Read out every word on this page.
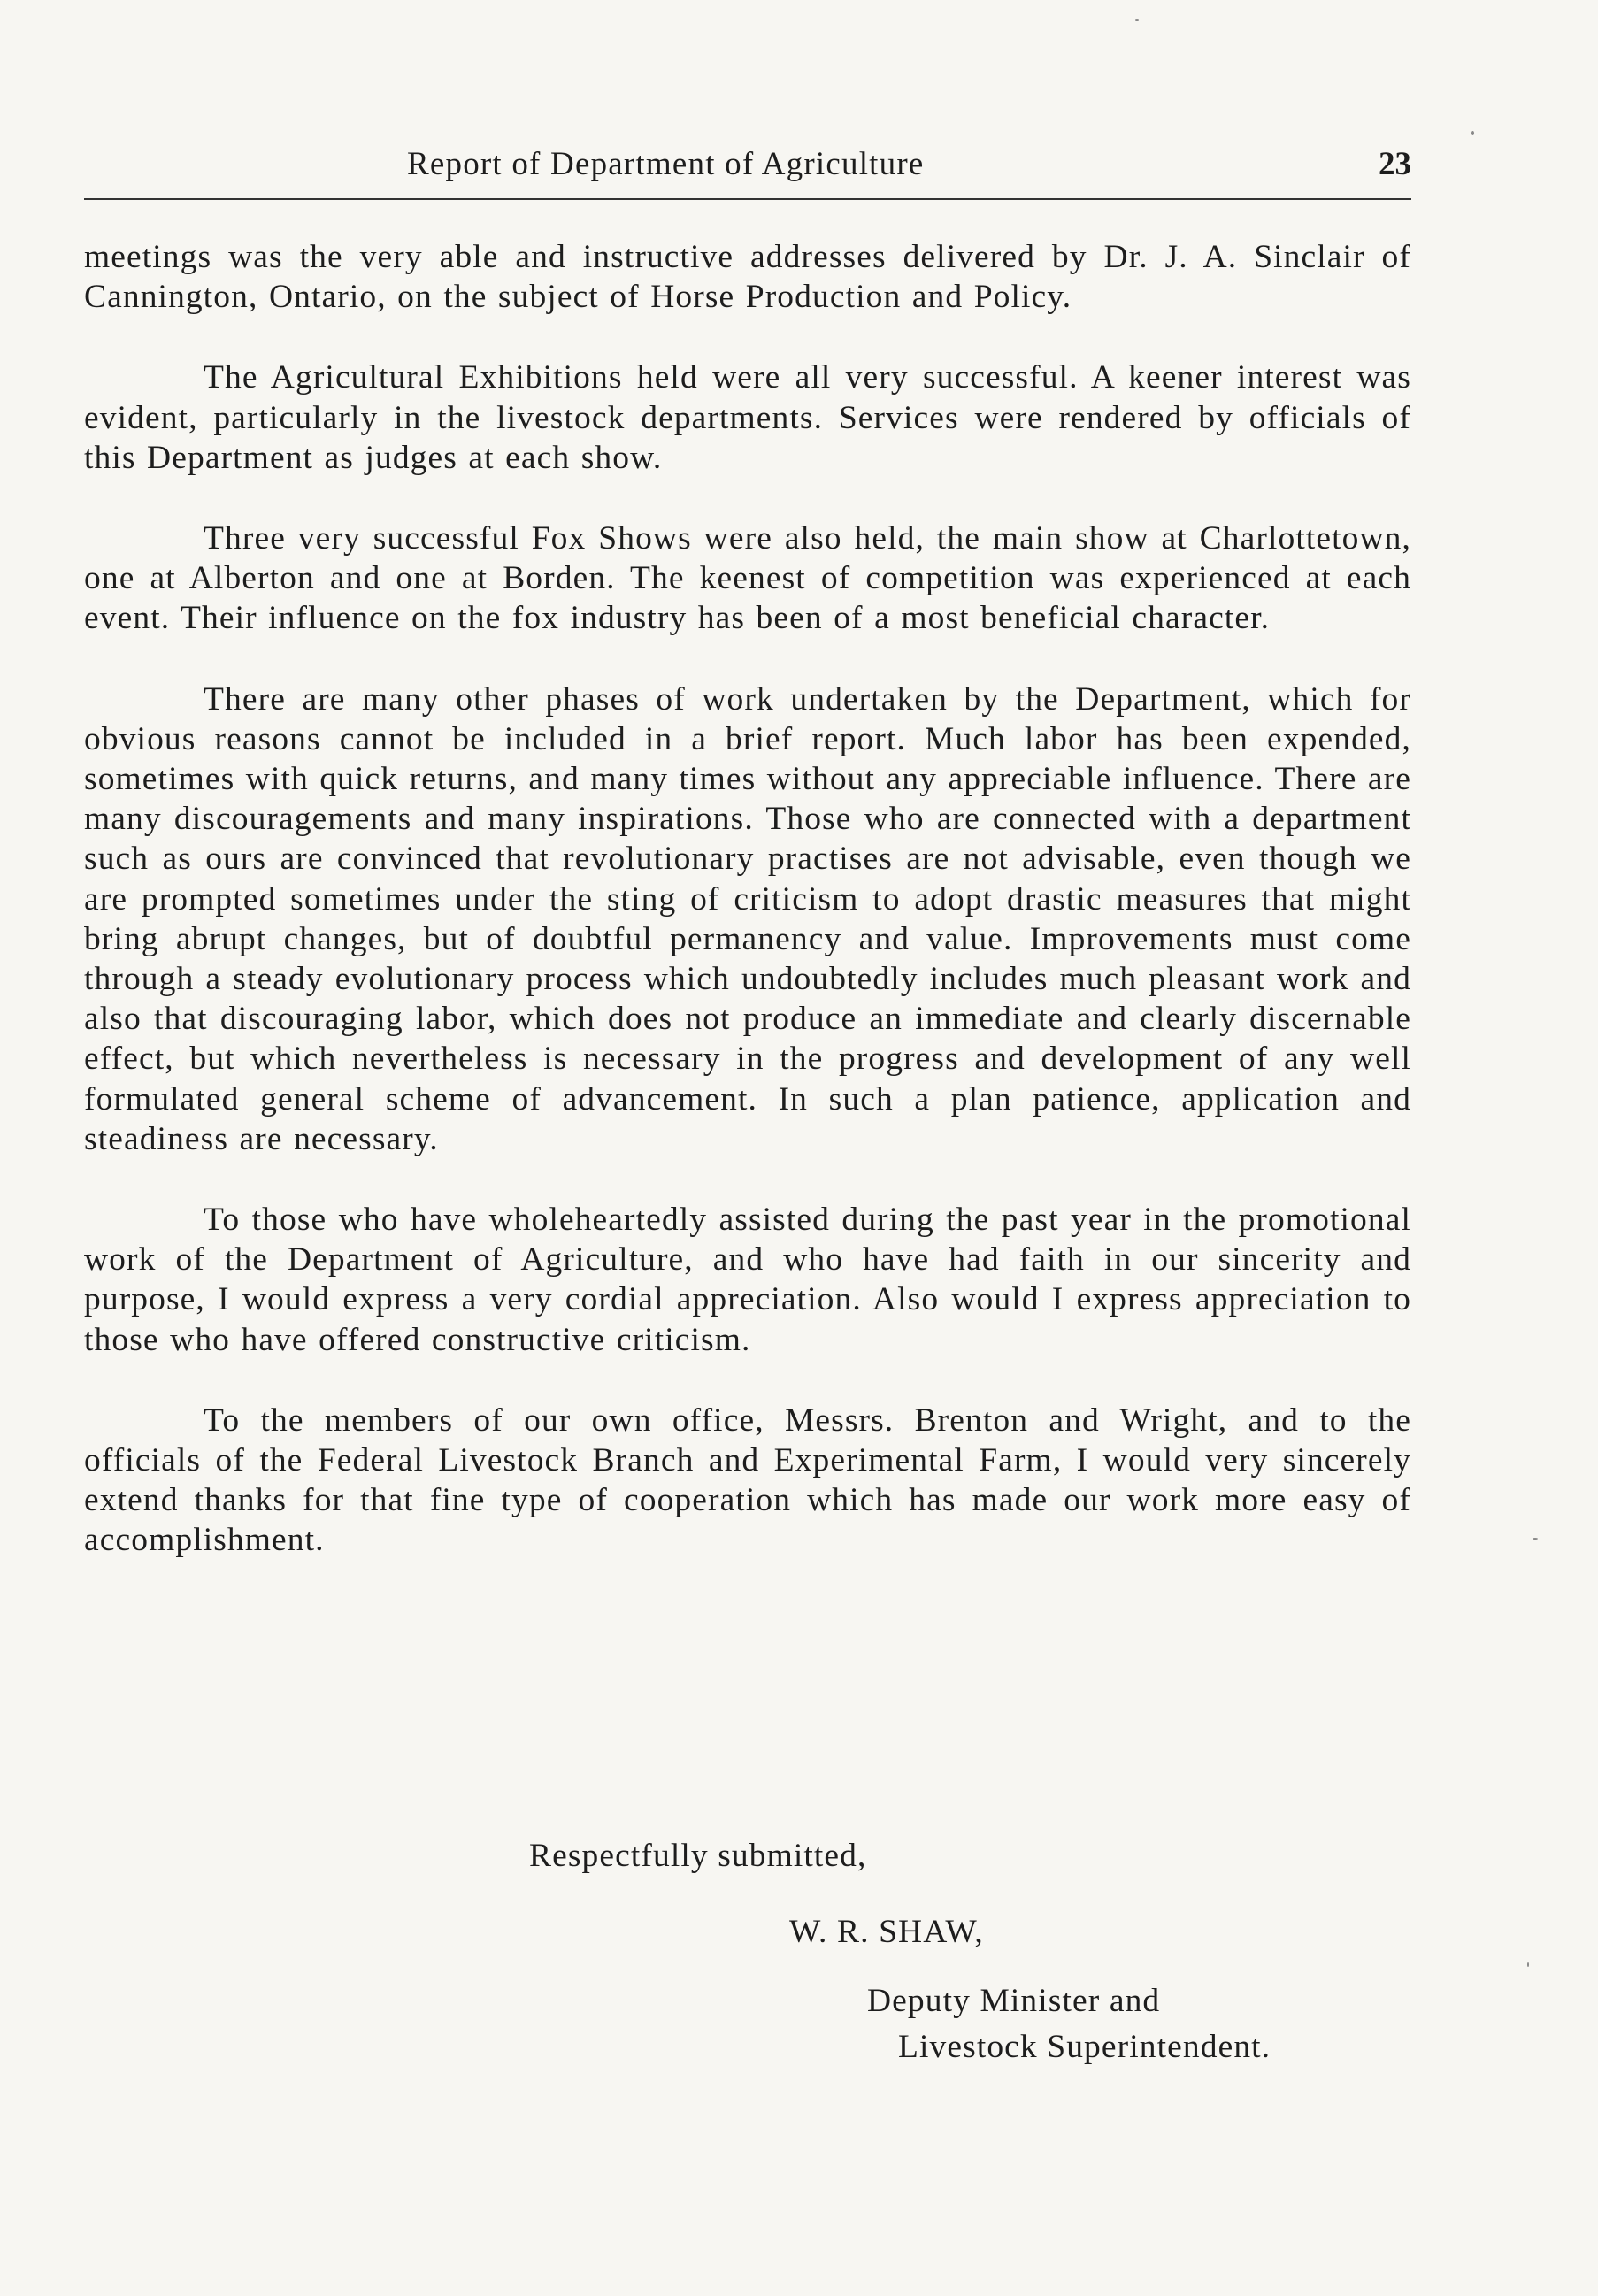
Report of Department of Agriculture	23

meetings was the very able and instructive addresses delivered by Dr. J. A. Sinclair of Cannington, Ontario, on the subject of Horse Production and Policy.

The Agricultural Exhibitions held were all very successful. A keener interest was evident, particularly in the livestock departments. Services were rendered by officials of this Department as judges at each show.

Three very successful Fox Shows were also held, the main show at Charlottetown, one at Alberton and one at Borden. The keenest of competition was experienced at each event. Their influence on the fox industry has been of a most beneficial character.

There are many other phases of work undertaken by the Department, which for obvious reasons cannot be included in a brief report. Much labor has been expended, sometimes with quick returns, and many times without any appreciable influence. There are many discouragements and many inspirations. Those who are connected with a department such as ours are convinced that revolutionary practises are not advisable, even though we are prompted sometimes under the sting of criticism to adopt drastic measures that might bring abrupt changes, but of doubtful permanency and value. Improvements must come through a steady evolutionary process which undoubtedly includes much pleasant work and also that discouraging labor, which does not produce an immediate and clearly discernable effect, but which nevertheless is necessary in the progress and development of any well formulated general scheme of advancement. In such a plan patience, application and steadiness are necessary.

To those who have wholeheartedly assisted during the past year in the promotional work of the Department of Agriculture, and who have had faith in our sincerity and purpose, I would express a very cordial appreciation. Also would I express appreciation to those who have offered constructive criticism.

To the members of our own office, Messrs. Brenton and Wright, and to the officials of the Federal Livestock Branch and Experimental Farm, I would very sincerely extend thanks for that fine type of cooperation which has made our work more easy of accomplishment.

Respectfully submitted,
W. R. SHAW,
Deputy Minister and
Livestock Superintendent.
